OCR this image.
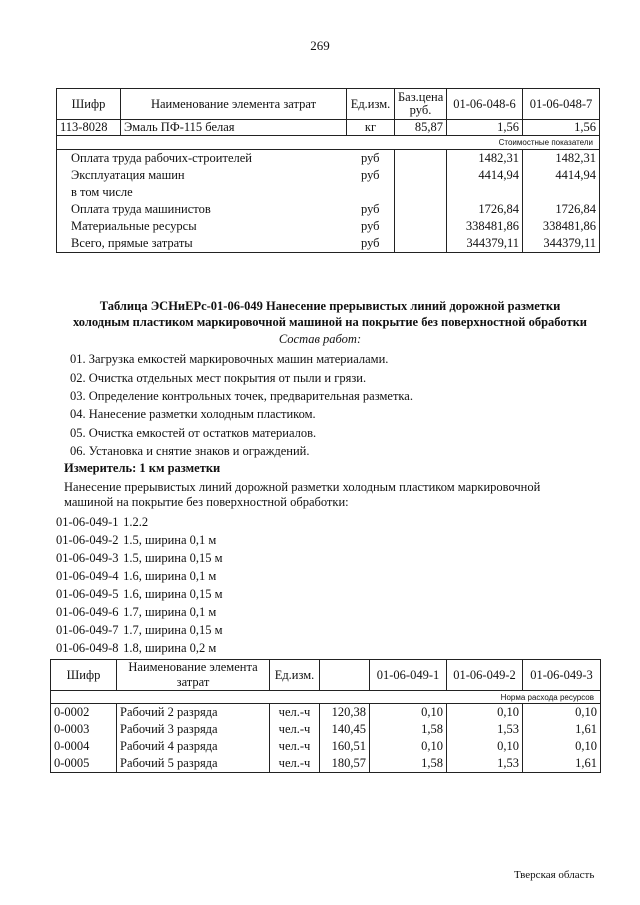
269
Шифр	Наименование элемента затрат	Ед.изм.	Баз.цена руб.	01-06-048-6	01-06-048-7
113-8028	Эмаль ПФ-115 белая	кг	85,87	1,56	1,56
Стоимостные показатели					
Оплата труда рабочих-строителей		руб		1482,31	1482,31
Эксплуатация машин		руб		4414,94	4414,94
в том числе					
Оплата труда машинистов		руб		1726,84	1726,84
Материальные ресурсы		руб		338481,86	338481,86
Всего, прямые затраты		руб		344379,11	344379,11
Таблица ЭСНиЕРс-01-06-049 Нанесение прерывистых линий дорожной разметки
холодным пластиком маркировочной машиной на покрытие без поверхностной обработки
Состав работ:
01. Загрузка емкостей маркировочных машин материалами.
02. Очистка отдельных мест покрытия от пыли и грязи.
03. Определение контрольных точек, предварительная разметка.
04. Нанесение разметки холодным пластиком.
05. Очистка емкостей от остатков материалов.
06. Установка и снятие знаков и ограждений.
Измеритель: 1 км разметки
Нанесение прерывистых линий дорожной разметки холодным пластиком маркировочной машиной на покрытие без поверхностной обработки:
01-06-049-1 1.2.2
01-06-049-2 1.5, ширина 0,1 м
01-06-049-3 1.5, ширина 0,15 м
01-06-049-4 1.6, ширина 0,1 м
01-06-049-5 1.6, ширина 0,15 м
01-06-049-6 1.7, ширина 0,1 м
01-06-049-7 1.7, ширина 0,15 м
01-06-049-8 1.8, ширина 0,2 м
Шифр	Наименование элемента затрат	Ед.изм.		01-06-049-1	01-06-049-2	01-06-049-3
Норма расхода ресурсов						
0-0002	Рабочий 2 разряда	чел.-ч	120,38	0,10	0,10	0,10
0-0003	Рабочий 3 разряда	чел.-ч	140,45	1,58	1,53	1,61
0-0004	Рабочий 4 разряда	чел.-ч	160,51	0,10	0,10	0,10
0-0005	Рабочий 5 разряда	чел.-ч	180,57	1,58	1,53	1,61
Тверская область
